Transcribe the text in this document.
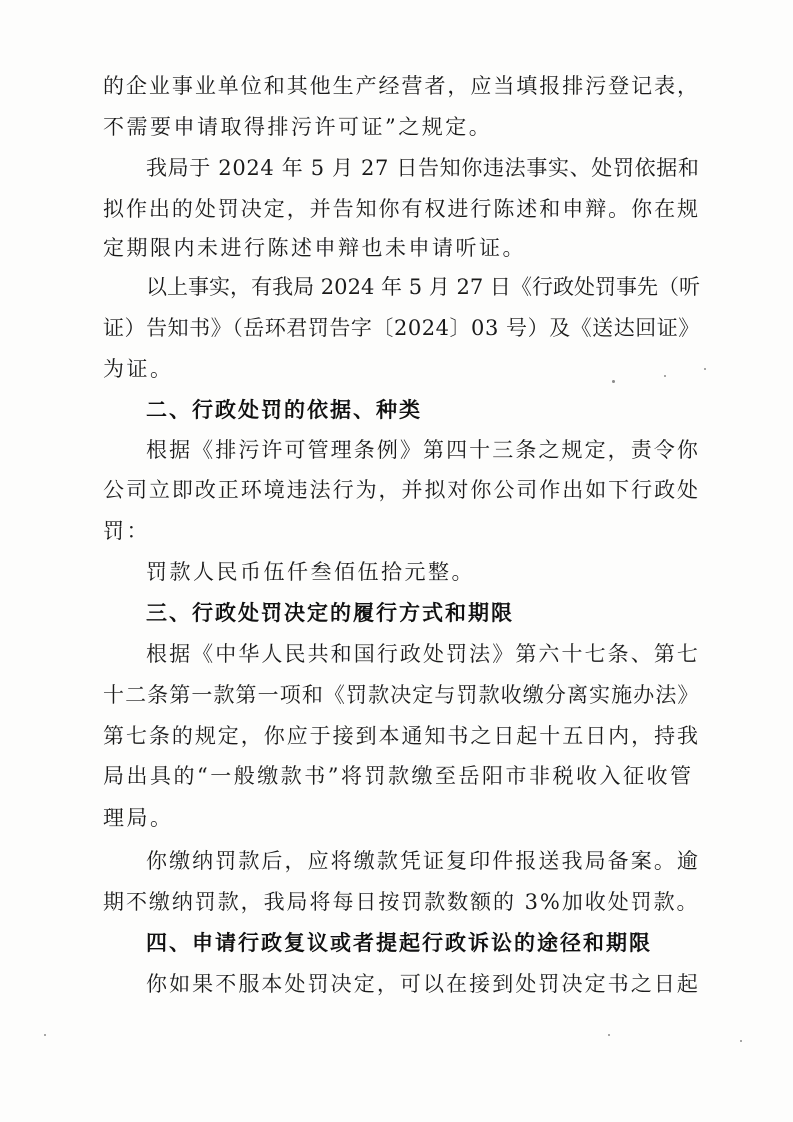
的企业事业单位和其他生产经营者，应当填报排污登记表，
不需要申请取得排污许可证”之规定。
我局于 2024 年 5 月 27 日告知你违法事实、处罚依据和
拟作出的处罚决定，并告知你有权进行陈述和申辩。你在规
定期限内未进行陈述申辩也未申请听证。
以上事实，有我局 2024 年 5 月 27 日《行政处罚事先（听
证）告知书》（岳环君罚告字〔2024〕03 号）及《送达回证》
为证。
二、行政处罚的依据、种类
根据《排污许可管理条例》第四十三条之规定，责令你
公司立即改正环境违法行为，并拟对你公司作出如下行政处
罚：
罚款人民币伍仟叁佰伍拾元整。
三、行政处罚决定的履行方式和期限
根据《中华人民共和国行政处罚法》第六十七条、第七
十二条第一款第一项和《罚款决定与罚款收缴分离实施办法》
第七条的规定，你应于接到本通知书之日起十五日内，持我
局出具的“一般缴款书”将罚款缴至岳阳市非税收入征收管
理局。
你缴纳罚款后，应将缴款凭证复印件报送我局备案。逾
期不缴纳罚款，我局将每日按罚款数额的 3%加收处罚款。
四、申请行政复议或者提起行政诉讼的途径和期限
你如果不服本处罚决定，可以在接到处罚决定书之日起
